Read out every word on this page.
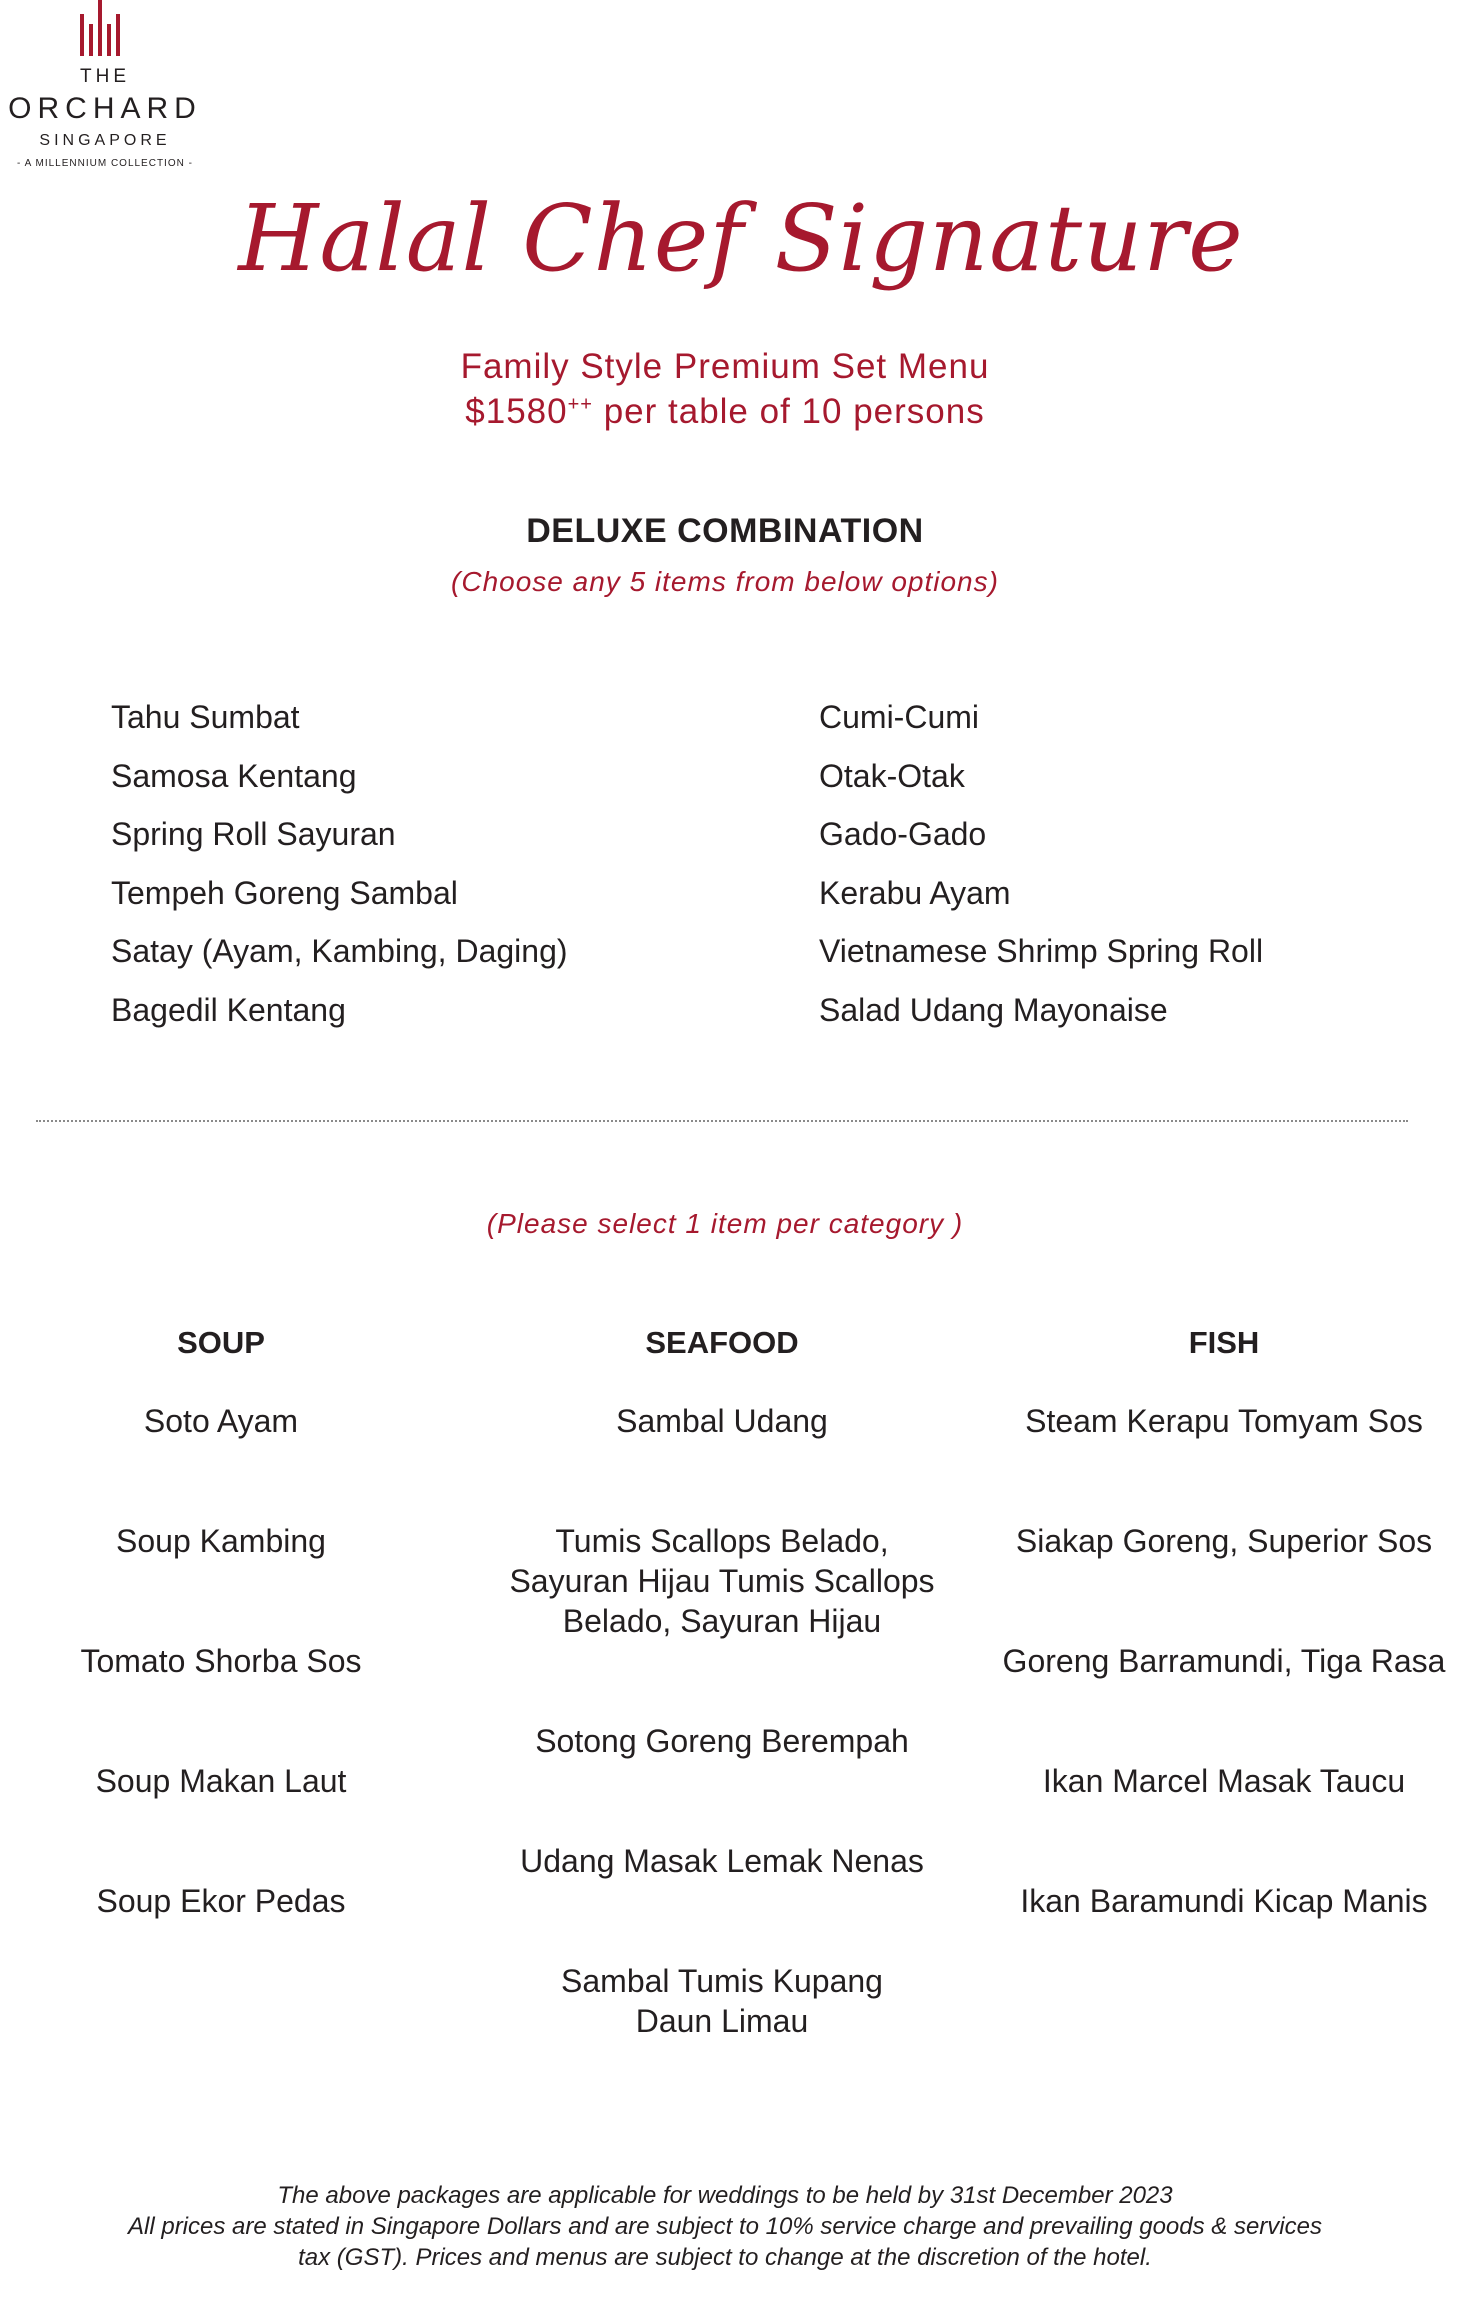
THE
ORCHARD
SINGAPORE
- A MILLENNIUM COLLECTION -
Halal Chef Signature
Family Style Premium Set Menu
$1580++ per table of 10 persons
DELUXE COMBINATION
(Choose any 5 items from below options)
Tahu Sumbat
Samosa Kentang
Spring Roll Sayuran
Tempeh Goreng Sambal
Satay (Ayam, Kambing, Daging)
Bagedil Kentang
Cumi-Cumi
Otak-Otak
Gado-Gado
Kerabu Ayam
Vietnamese Shrimp Spring Roll
Salad Udang Mayonaise
(Please select 1 item per category )
SOUP	SEAFOOD	FISH
Soto Ayam
Soup Kambing
Tomato Shorba Sos
Soup Makan Laut
Soup Ekor Pedas
Sambal Udang
Tumis Scallops Belado, Sayuran Hijau Tumis Scallops Belado, Sayuran Hijau
Sotong Goreng Berempah
Udang Masak Lemak Nenas
Sambal Tumis Kupang Daun Limau
Steam Kerapu Tomyam Sos
Siakap Goreng, Superior Sos
Goreng Barramundi, Tiga Rasa
Ikan Marcel Masak Taucu
Ikan Baramundi Kicap Manis
The above packages are applicable for weddings to be held by 31st December 2023
All prices are stated in Singapore Dollars and are subject to 10% service charge and prevailing goods & services
tax (GST). Prices and menus are subject to change at the discretion of the hotel.
